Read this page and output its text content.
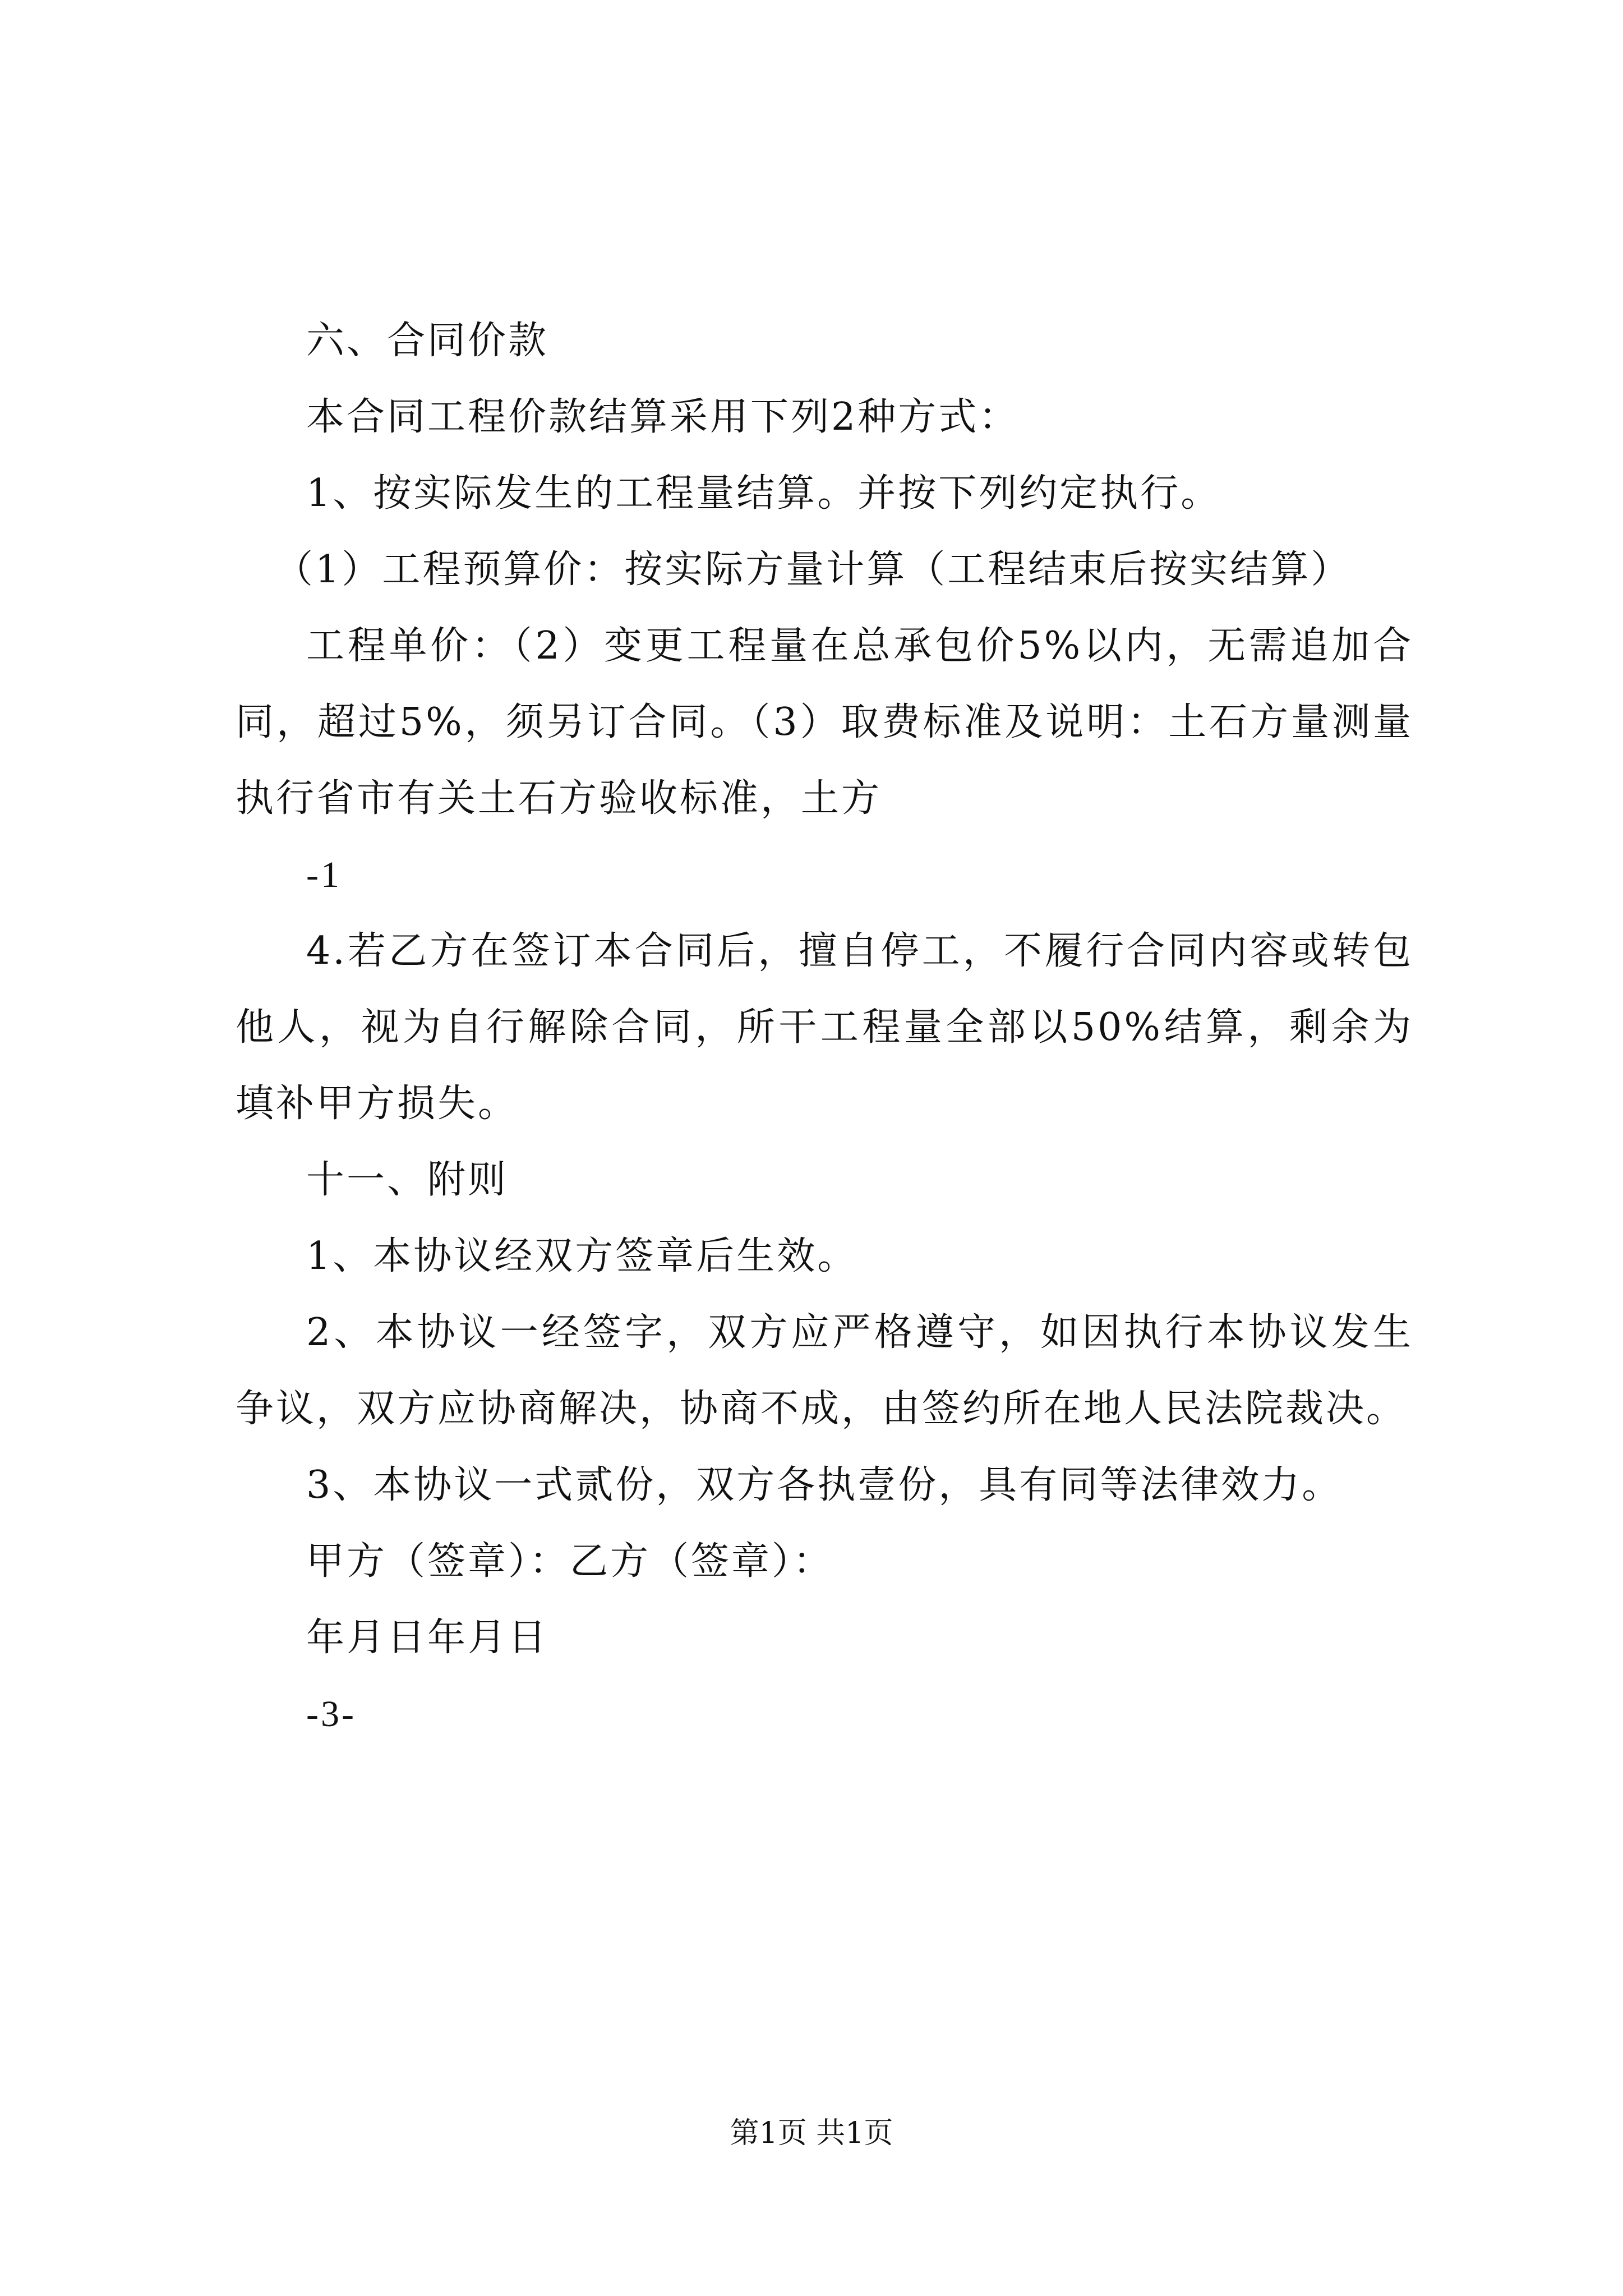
六、合同价款
本合同工程价款结算采用下列2种方式：
1、按实际发生的工程量结算。并按下列约定执行。
（1）工程预算价：按实际方量计算（工程结束后按实结算）
工程单价：（2）变更工程量在总承包价5%以内，无需追加合同，超过5%，须另订合同。（3）取费标准及说明：土石方量测量执行省市有关土石方验收标准，土方
-1
4.若乙方在签订本合同后，擅自停工，不履行合同内容或转包他人，视为自行解除合同，所干工程量全部以50%结算，剩余为填补甲方损失。
十一、附则
1、本协议经双方签章后生效。
2、本协议一经签字，双方应严格遵守，如因执行本协议发生争议，双方应协商解决，协商不成，由签约所在地人民法院裁决。
3、本协议一式贰份，双方各执壹份，具有同等法律效力。
甲方（签章）：乙方（签章）：
年月日年月日
-3-
第1页 共1页
